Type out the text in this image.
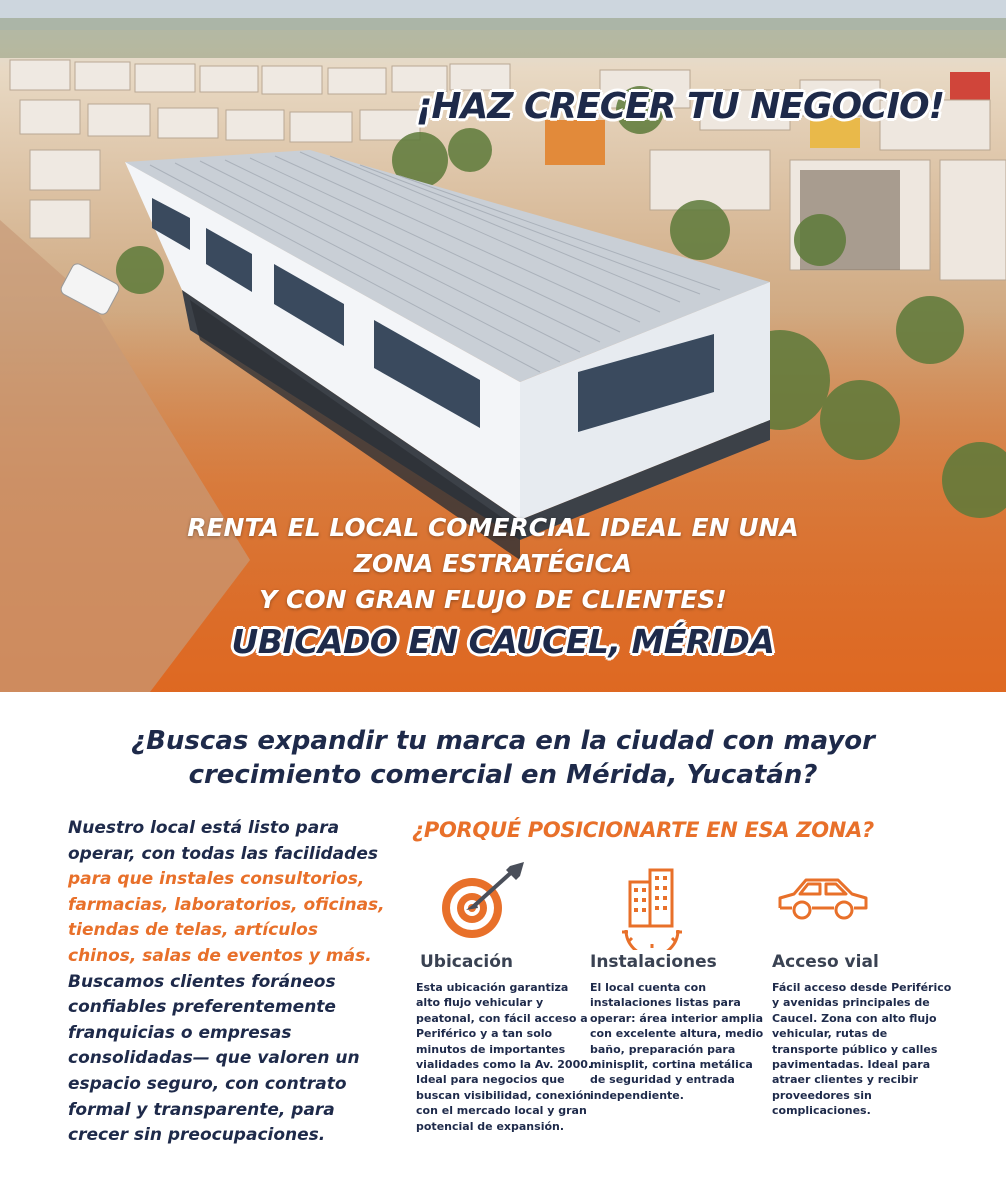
¡HAZ CRECER TU NEGOCIO!
RENTA EL LOCAL COMERCIAL IDEAL EN UNA
ZONA ESTRATÉGICA
Y CON GRAN FLUJO DE CLIENTES!
UBICADO EN CAUCEL, MÉRIDA
¿Buscas expandir tu marca en la ciudad con mayor
crecimiento comercial en Mérida, Yucatán?
Nuestro local está listo para operar, con todas las facilidades para que instales consultorios, farmacias, laboratorios, oficinas, tiendas de telas, artículos chinos, salas de eventos y más. Buscamos clientes foráneos confiables preferentemente franquicias o empresas consolidadas— que valoren un espacio seguro, con contrato formal y transparente, para crecer sin preocupaciones.
¿PORQUÉ POSICIONARTE EN ESA ZONA?
Ubicación
Esta ubicación garantiza alto flujo vehicular y peatonal, con fácil acceso a Periférico y a tan solo minutos de importantes vialidades como la Av. 2000. Ideal para negocios que buscan visibilidad, conexión con el mercado local y gran potencial de expansión.
Instalaciones
El local cuenta con instalaciones listas para operar: área interior amplia con excelente altura, medio baño, preparación para minisplit, cortina metálica de seguridad y entrada independiente.
Acceso vial
Fácil acceso desde Periférico y avenidas principales de Caucel. Zona con alto flujo vehicular, rutas de transporte público y calles pavimentadas. Ideal para atraer clientes y recibir proveedores sin complicaciones.
